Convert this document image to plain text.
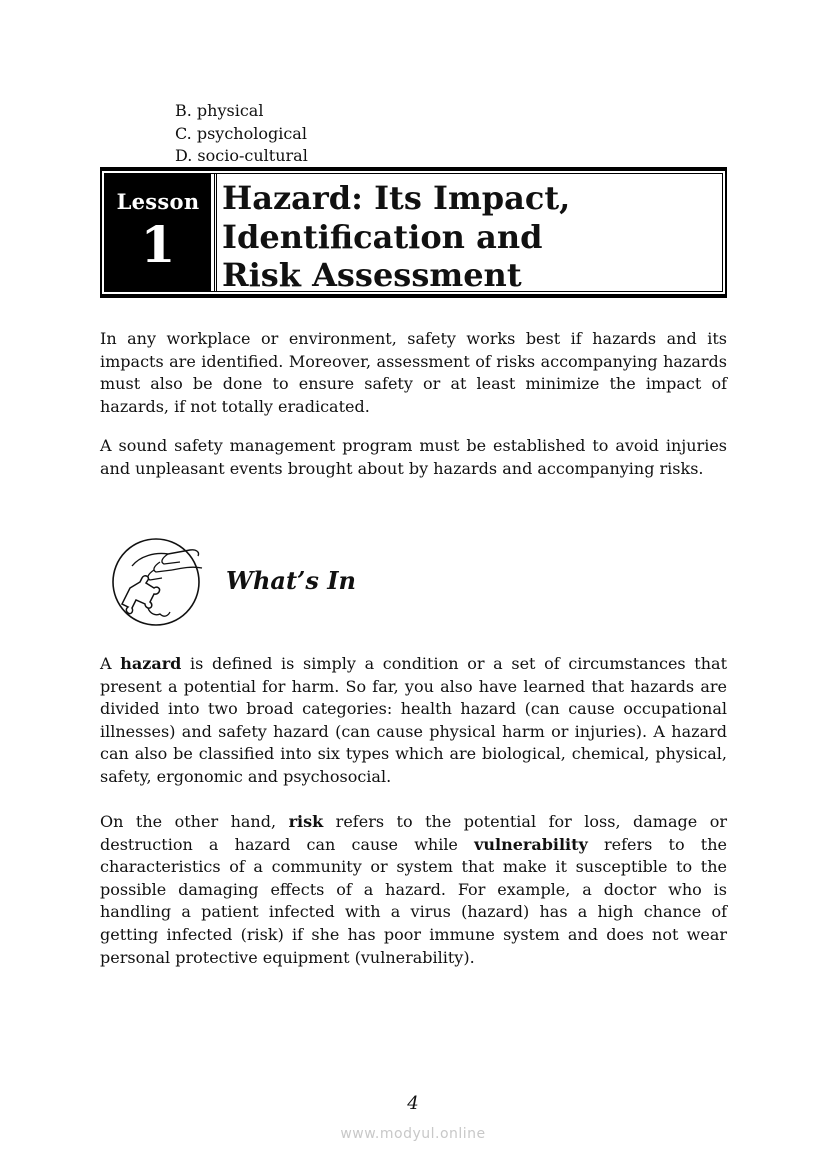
B. physical
C. psychological
D. socio-cultural
Lesson
1
Hazard: Its Impact,
Identification and
Risk Assessment

In any workplace or environment, safety works best if hazards and its impacts are identified. Moreover, assessment of risks accompanying hazards must also be done to ensure safety or at least minimize the impact of hazards, if not totally eradicated.

A sound safety management program must be established to avoid injuries and unpleasant events brought about by hazards and accompanying risks.

What’s In

A hazard is defined is simply a condition or a set of circumstances that present a potential for harm. So far, you also have learned that hazards are divided into two broad categories: health hazard (can cause occupational illnesses) and safety hazard (can cause physical harm or injuries). A hazard can also be classified into six types which are biological, chemical, physical, safety, ergonomic and psychosocial.

On the other hand, risk refers to the potential for loss, damage or destruction a hazard can cause while vulnerability refers to the characteristics of a community or system that make it susceptible to the possible damaging effects of a hazard. For example, a doctor who is handling a patient infected with a virus (hazard) has a high chance of getting infected (risk) if she has poor immune system and does not wear personal protective equipment (vulnerability).

4
www.modyul.online
